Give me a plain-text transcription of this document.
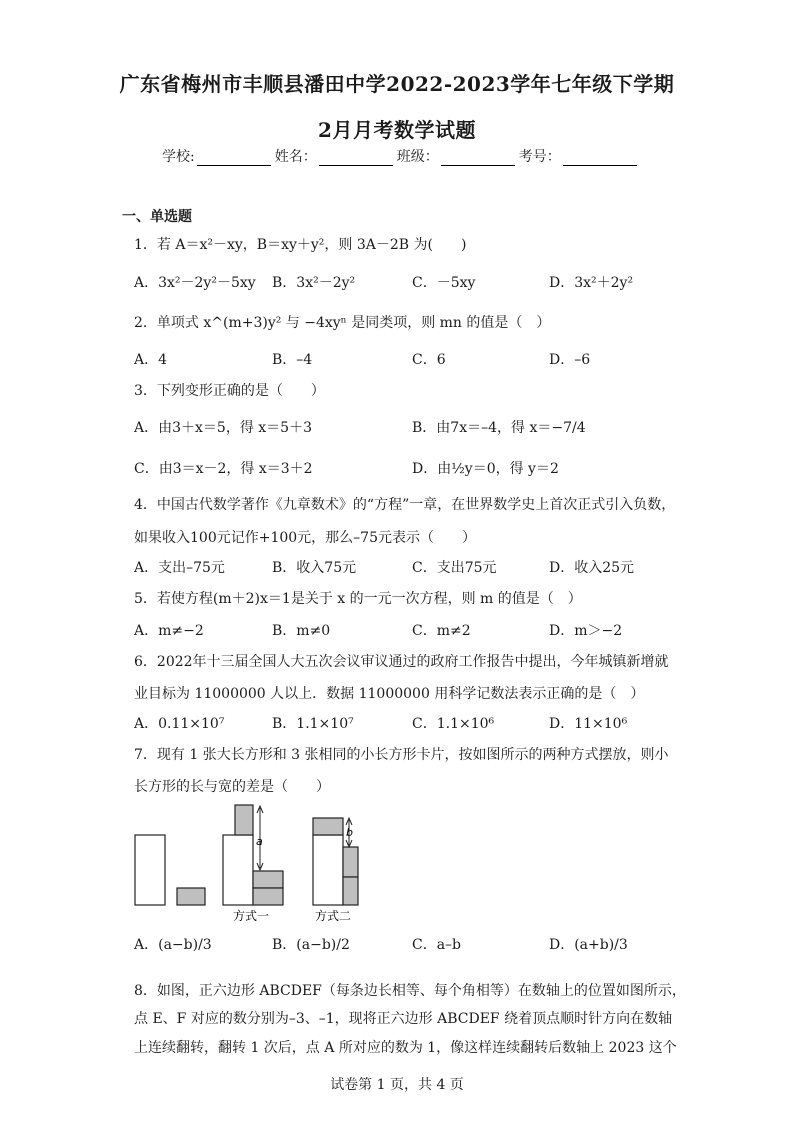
广东省梅州市丰顺县潘田中学2022-2023学年七年级下学期
2月月考数学试题
学校:	姓名：	班级：	考号：
一、单选题
1．若 A＝x²－xy，B＝xy＋y²，则 3A－2B 为(　　)
A．3x²－2y²－5xy B．3x²－2y²	C．－5xy	D．3x²＋2y²
2．单项式 x^(m+3)y² 与 −4xyⁿ 是同类项，则 mn 的值是（　）
A．4	B．–4	C．6	D．–6
3．下列变形正确的是（　　）
A．由3＋x＝5，得 x＝5＋3	B．由7x＝–4，得 x＝−7/4
C．由3＝x－2，得 x＝3＋2	D．由½y＝0，得 y＝2
4．中国古代数学著作《九章数术》的“方程”一章，在世界数学史上首次正式引入负数，
如果收入100元记作+100元，那么–75元表示（　　）
A．支出–75元	B．收入75元	C．支出75元	D．收入25元
5．若使方程(m＋2)x＝1是关于 x 的一元一次方程，则 m 的值是（　）
A．m≠−2	B．m≠0	C．m≠2	D．m＞−2
6．2022年十三届全国人大五次会议审议通过的政府工作报告中提出，今年城镇新增就
业目标为 11000000 人以上．数据 11000000 用科学记数法表示正确的是（　）
A．0.11×10⁷	B．1.1×10⁷	C．1.1×10⁶	D．11×10⁶
7．现有 1 张大长方形和 3 张相同的小长方形卡片，按如图所示的两种方式摆放，则小
长方形的长与宽的差是（　　）
a
b
方式一	方式二
A．(a−b)/3	B．(a−b)/2	C．a–b	D．(a+b)/3
8．如图，正六边形 ABCDEF（每条边长相等、每个角相等）在数轴上的位置如图所示，
点 E、F 对应的数分别为–3、–1，现将正六边形 ABCDEF 绕着顶点顺时针方向在数轴
上连续翻转，翻转 1 次后，点 A 所对应的数为 1，像这样连续翻转后数轴上 2023 这个
试卷第 1 页，共 4 页
